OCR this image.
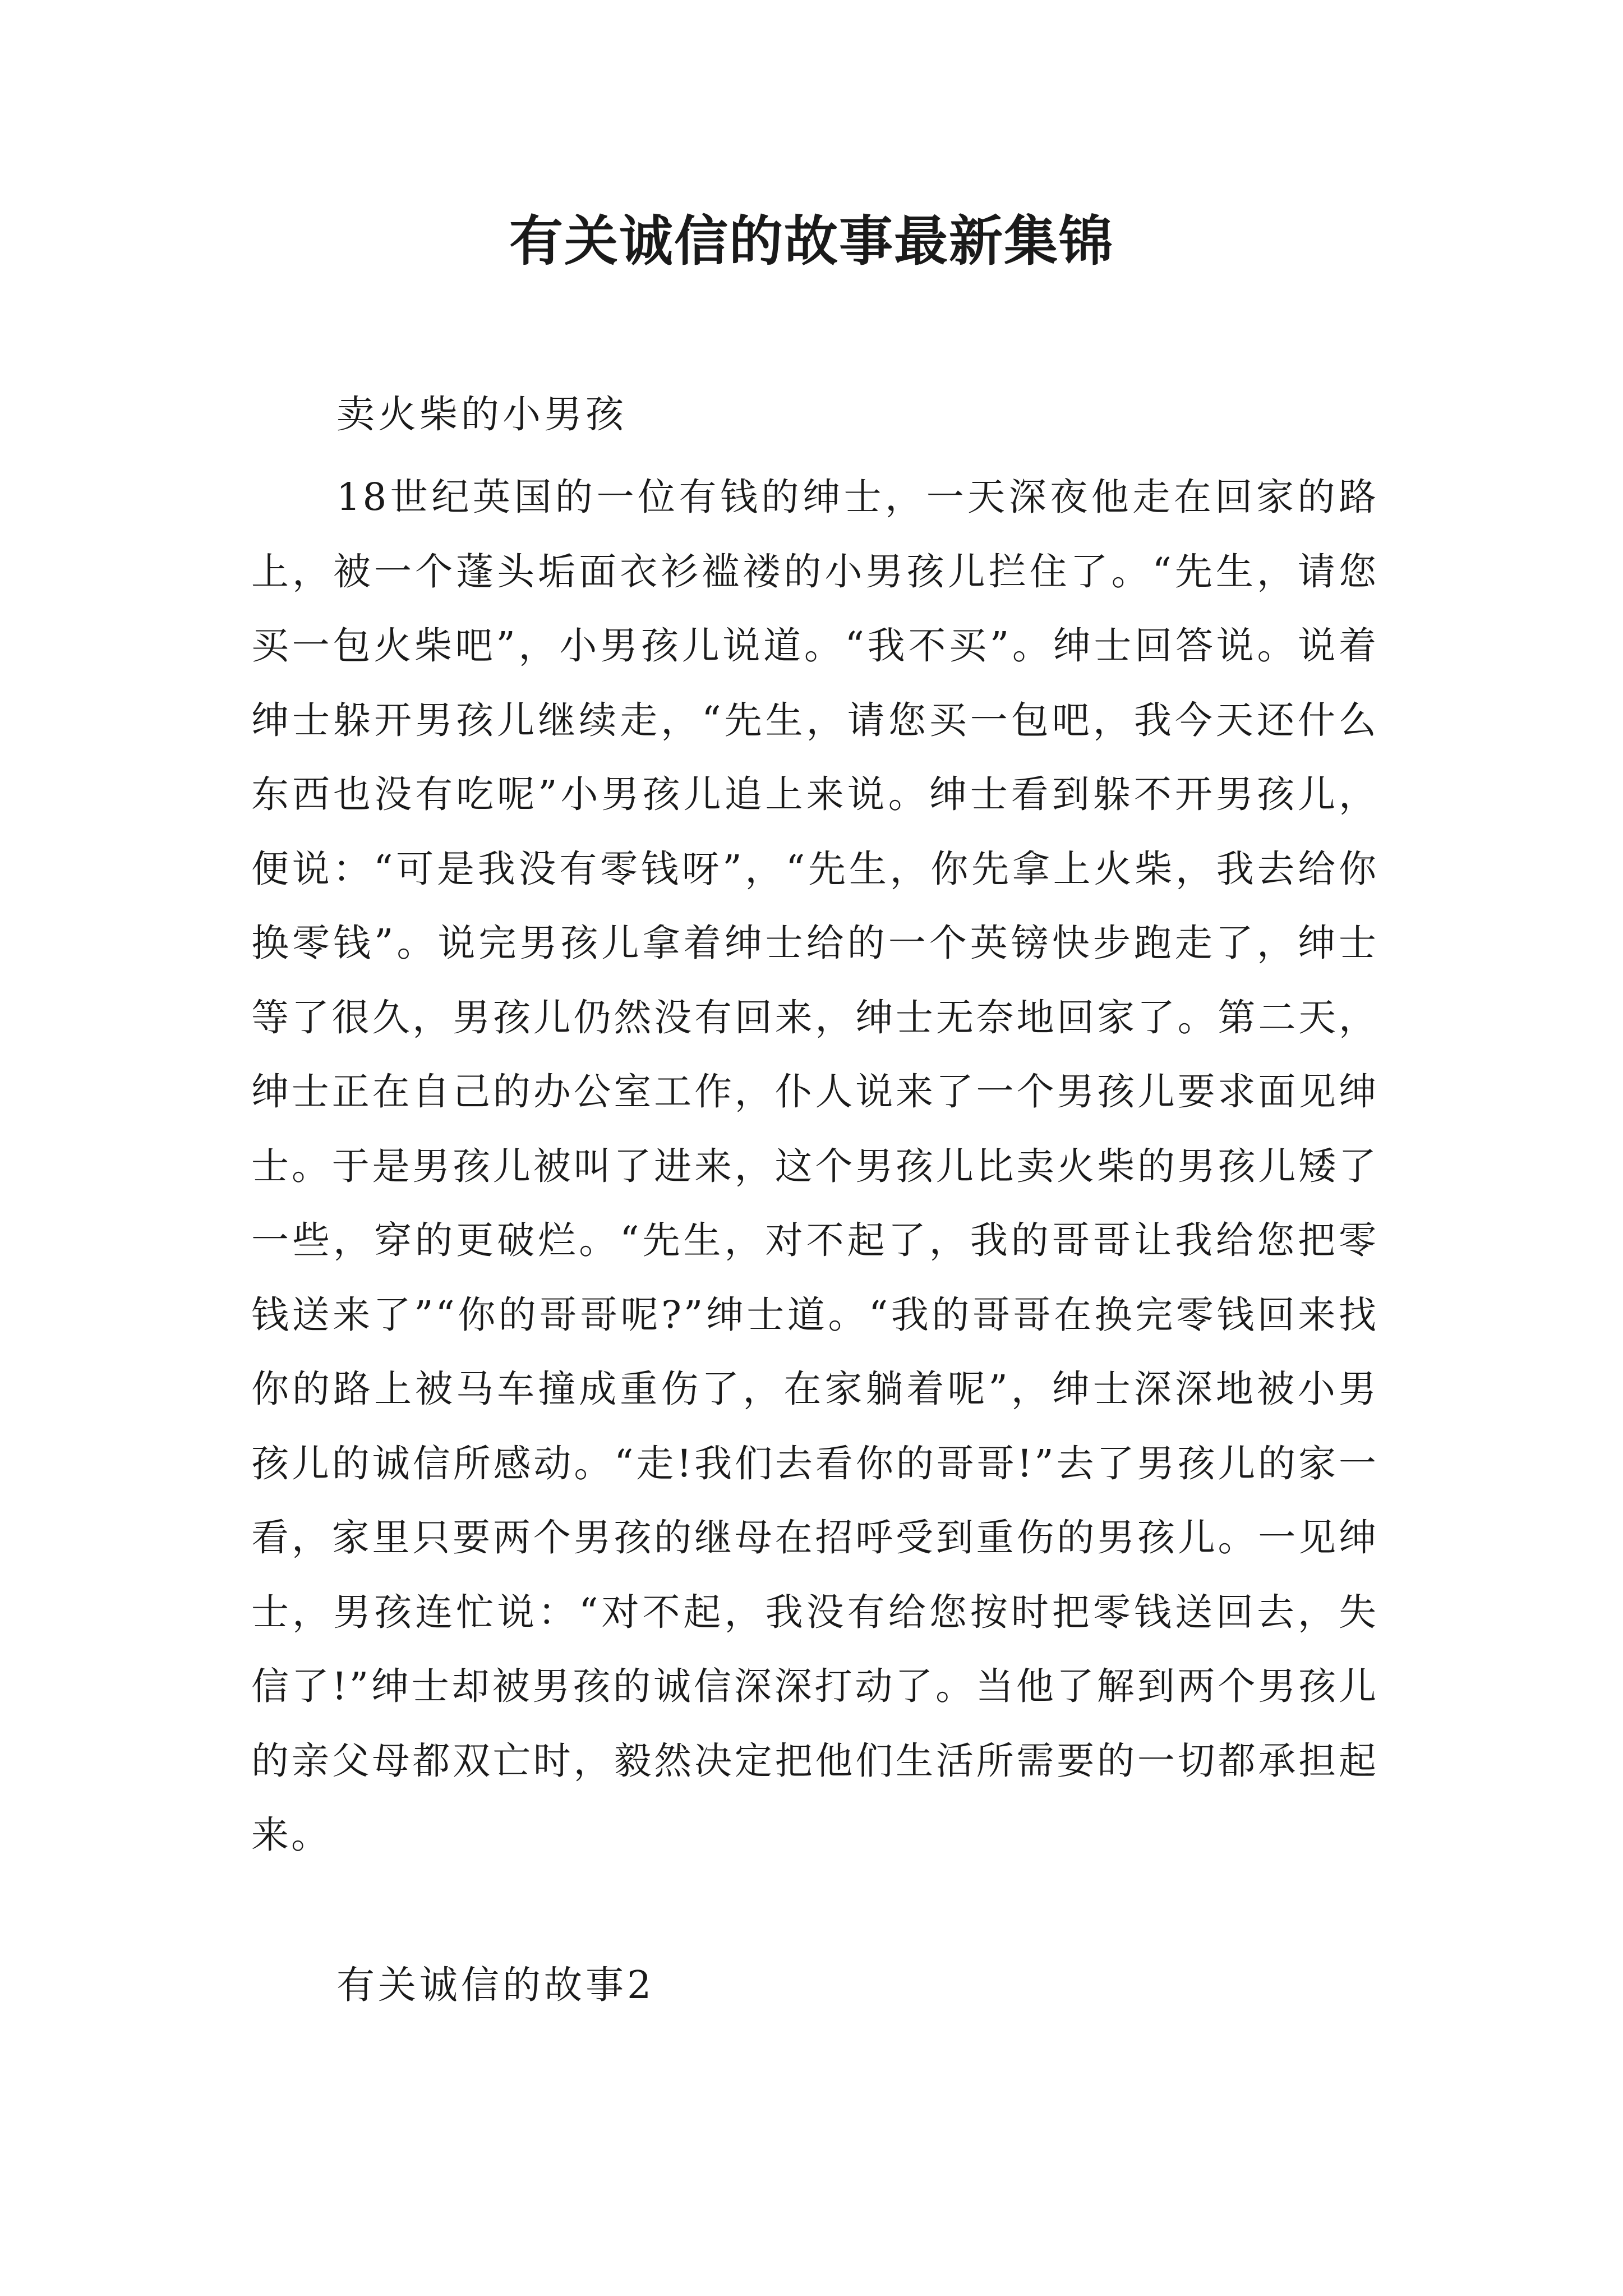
有关诚信的故事最新集锦

卖火柴的小男孩

18世纪英国的一位有钱的绅士，一天深夜他走在回家的路上，被一个蓬头垢面衣衫褴褛的小男孩儿拦住了。“先生，请您买一包火柴吧”，小男孩儿说道。“我不买”。绅士回答说。说着绅士躲开男孩儿继续走，“先生，请您买一包吧，我今天还什么东西也没有吃呢”小男孩儿追上来说。绅士看到躲不开男孩儿，便说：“可是我没有零钱呀”，“先生，你先拿上火柴，我去给你换零钱”。说完男孩儿拿着绅士给的一个英镑快步跑走了，绅士等了很久，男孩儿仍然没有回来，绅士无奈地回家了。第二天，绅士正在自己的办公室工作，仆人说来了一个男孩儿要求面见绅士。于是男孩儿被叫了进来，这个男孩儿比卖火柴的男孩儿矮了一些，穿的更破烂。“先生，对不起了，我的哥哥让我给您把零钱送来了”“你的哥哥呢?”绅士道。“我的哥哥在换完零钱回来找你的路上被马车撞成重伤了，在家躺着呢”，绅士深深地被小男孩儿的诚信所感动。“走!我们去看你的哥哥!”去了男孩儿的家一看，家里只要两个男孩的继母在招呼受到重伤的男孩儿。一见绅士，男孩连忙说：“对不起，我没有给您按时把零钱送回去，失信了!”绅士却被男孩的诚信深深打动了。当他了解到两个男孩儿的亲父母都双亡时，毅然决定把他们生活所需要的一切都承担起来。

有关诚信的故事2
